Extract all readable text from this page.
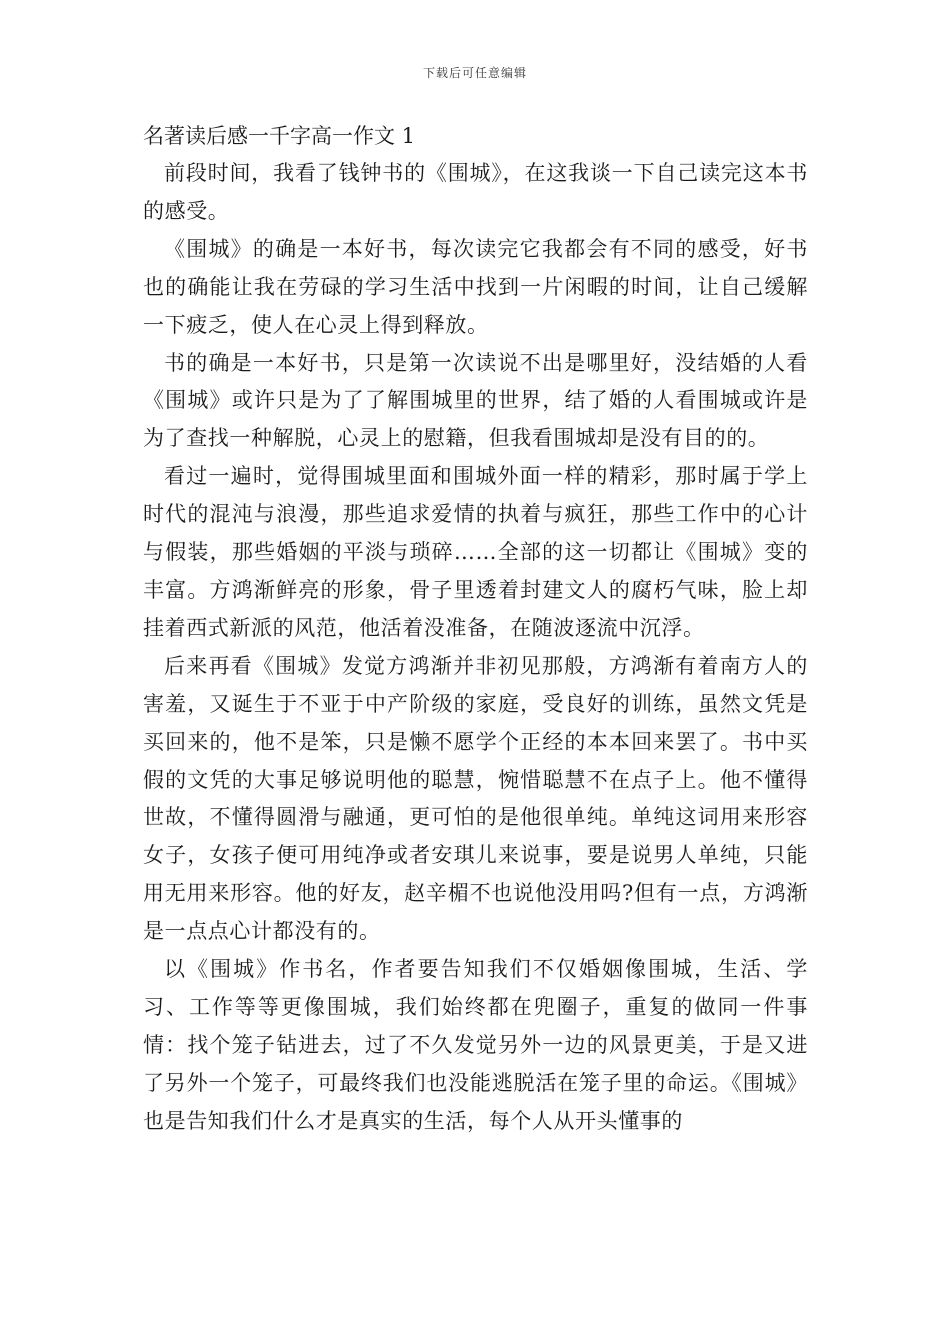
下载后可任意编辑
名著读后感一千字高一作文 1

前段时间，我看了钱钟书的《围城》，在这我谈一下自己读完这本书的感受。

《围城》的确是一本好书，每次读完它我都会有不同的感受，好书也的确能让我在劳碌的学习生活中找到一片闲暇的时间，让自己缓解一下疲乏，使人在心灵上得到释放。

书的确是一本好书，只是第一次读说不出是哪里好，没结婚的人看《围城》或许只是为了了解围城里的世界，结了婚的人看围城或许是为了查找一种解脱，心灵上的慰籍，但我看围城却是没有目的的。

看过一遍时，觉得围城里面和围城外面一样的精彩，那时属于学上时代的混沌与浪漫，那些追求爱情的执着与疯狂，那些工作中的心计与假装，那些婚姻的平淡与琐碎……全部的这一切都让《围城》变的丰富。方鸿渐鲜亮的形象，骨子里透着封建文人的腐朽气味，脸上却挂着西式新派的风范，他活着没准备，在随波逐流中沉浮。

后来再看《围城》发觉方鸿渐并非初见那般，方鸿渐有着南方人的害羞，又诞生于不亚于中产阶级的家庭，受良好的训练，虽然文凭是买回来的，他不是笨，只是懒不愿学个正经的本本回来罢了。书中买假的文凭的大事足够说明他的聪慧，惋惜聪慧不在点子上。他不懂得世故，不懂得圆滑与融通，更可怕的是他很单纯。单纯这词用来形容女子，女孩子便可用纯净或者安琪儿来说事，要是说男人单纯，只能用无用来形容。他的好友，赵辛楣不也说他没用吗?但有一点，方鸿渐是一点点心计都没有的。

以《围城》作书名，作者要告知我们不仅婚姻像围城，生活、学习、工作等等更像围城，我们始终都在兜圈子，重复的做同一件事情：找个笼子钻进去，过了不久发觉另外一边的风景更美，于是又进了另外一个笼子，可最终我们也没能逃脱活在笼子里的命运。《围城》也是告知我们什么才是真实的生活，每个人从开头懂事的
